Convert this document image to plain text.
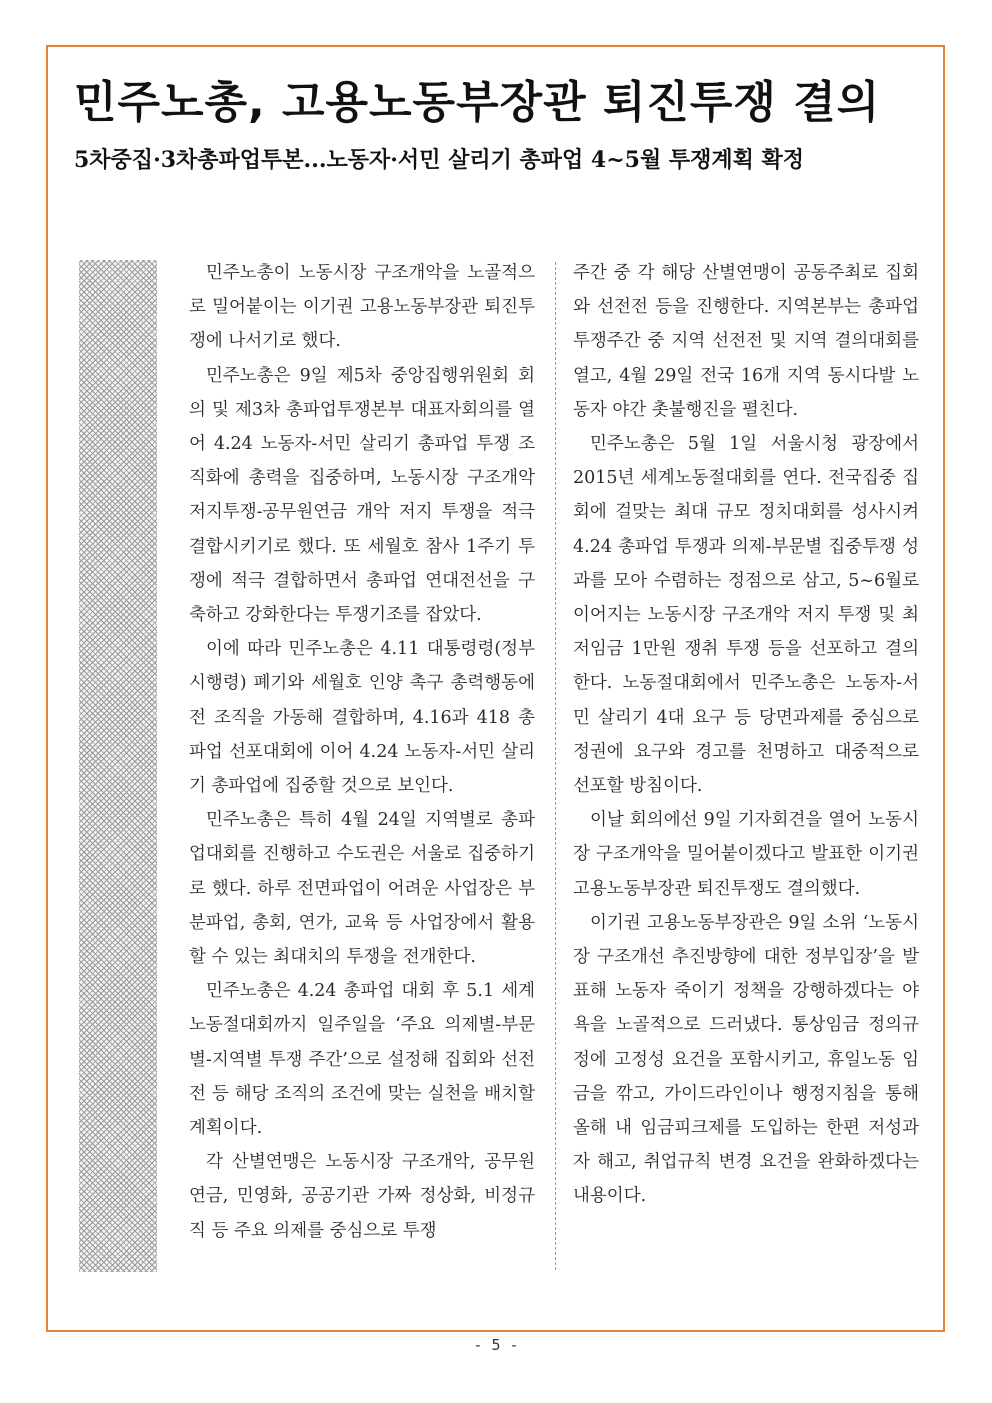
민주노총, 고용노동부장관 퇴진투쟁 결의
5차중집·3차총파업투본...노동자·서민 살리기 총파업 4~5월 투쟁계획 확정

민주노총이 노동시장 구조개악을 노골적으로 밀어붙이는 이기권 고용노동부장관 퇴진투쟁에 나서기로 했다.

민주노총은 9일 제5차 중앙집행위원회 회의 및 제3차 총파업투쟁본부 대표자회의를 열어 4.24 노동자-서민 살리기 총파업 투쟁 조직화에 총력을 집중하며, 노동시장 구조개악 저지투쟁-공무원연금 개악 저지 투쟁을 적극 결합시키기로 했다. 또 세월호 참사 1주기 투쟁에 적극 결합하면서 총파업 연대전선을 구축하고 강화한다는 투쟁기조를 잡았다.

이에 따라 민주노총은 4.11 대통령령(정부시행령) 폐기와 세월호 인양 촉구 총력행동에 전 조직을 가동해 결합하며, 4.16과 418 총파업 선포대회에 이어 4.24 노동자-서민 살리기 총파업에 집중할 것으로 보인다.

민주노총은 특히 4월 24일 지역별로 총파업대회를 진행하고 수도권은 서울로 집중하기로 했다. 하루 전면파업이 어려운 사업장은 부분파업, 총회, 연가, 교육 등 사업장에서 활용할 수 있는 최대치의 투쟁을 전개한다.

민주노총은 4.24 총파업 대회 후 5.1 세계노동절대회까지 일주일을 ‘주요 의제별-부문별-지역별 투쟁 주간’으로 설정해 집회와 선전전 등 해당 조직의 조건에 맞는 실천을 배치할 계획이다.

각 산별연맹은 노동시장 구조개악, 공무원연금, 민영화, 공공기관 가짜 정상화, 비정규직 등 주요 의제를 중심으로 투쟁

주간 중 각 해당 산별연맹이 공동주최로 집회와 선전전 등을 진행한다. 지역본부는 총파업 투쟁주간 중 지역 선전전 및 지역 결의대회를 열고, 4월 29일 전국 16개 지역 동시다발 노동자 야간 촛불행진을 펼친다.

민주노총은 5월 1일 서울시청 광장에서 2015년 세계노동절대회를 연다. 전국집중 집회에 걸맞는 최대 규모 정치대회를 성사시켜 4.24 총파업 투쟁과 의제-부문별 집중투쟁 성과를 모아 수렴하는 정점으로 삼고, 5~6월로 이어지는 노동시장 구조개악 저지 투쟁 및 최저임금 1만원 쟁취 투쟁 등을 선포하고 결의한다. 노동절대회에서 민주노총은 노동자-서민 살리기 4대 요구 등 당면과제를 중심으로 정권에 요구와 경고를 천명하고 대중적으로 선포할 방침이다.

이날 회의에선 9일 기자회견을 열어 노동시장 구조개악을 밀어붙이겠다고 발표한 이기권 고용노동부장관 퇴진투쟁도 결의했다.

이기권 고용노동부장관은 9일 소위 ‘노동시장 구조개선 추진방향에 대한 정부입장’을 발표해 노동자 죽이기 정책을 강행하겠다는 야욕을 노골적으로 드러냈다. 통상임금 정의규정에 고정성 요건을 포함시키고, 휴일노동 임금을 깎고, 가이드라인이나 행정지침을 통해 올해 내 임금피크제를 도입하는 한편 저성과자 해고, 취업규칙 변경 요건을 완화하겠다는 내용이다.

- 5 -
